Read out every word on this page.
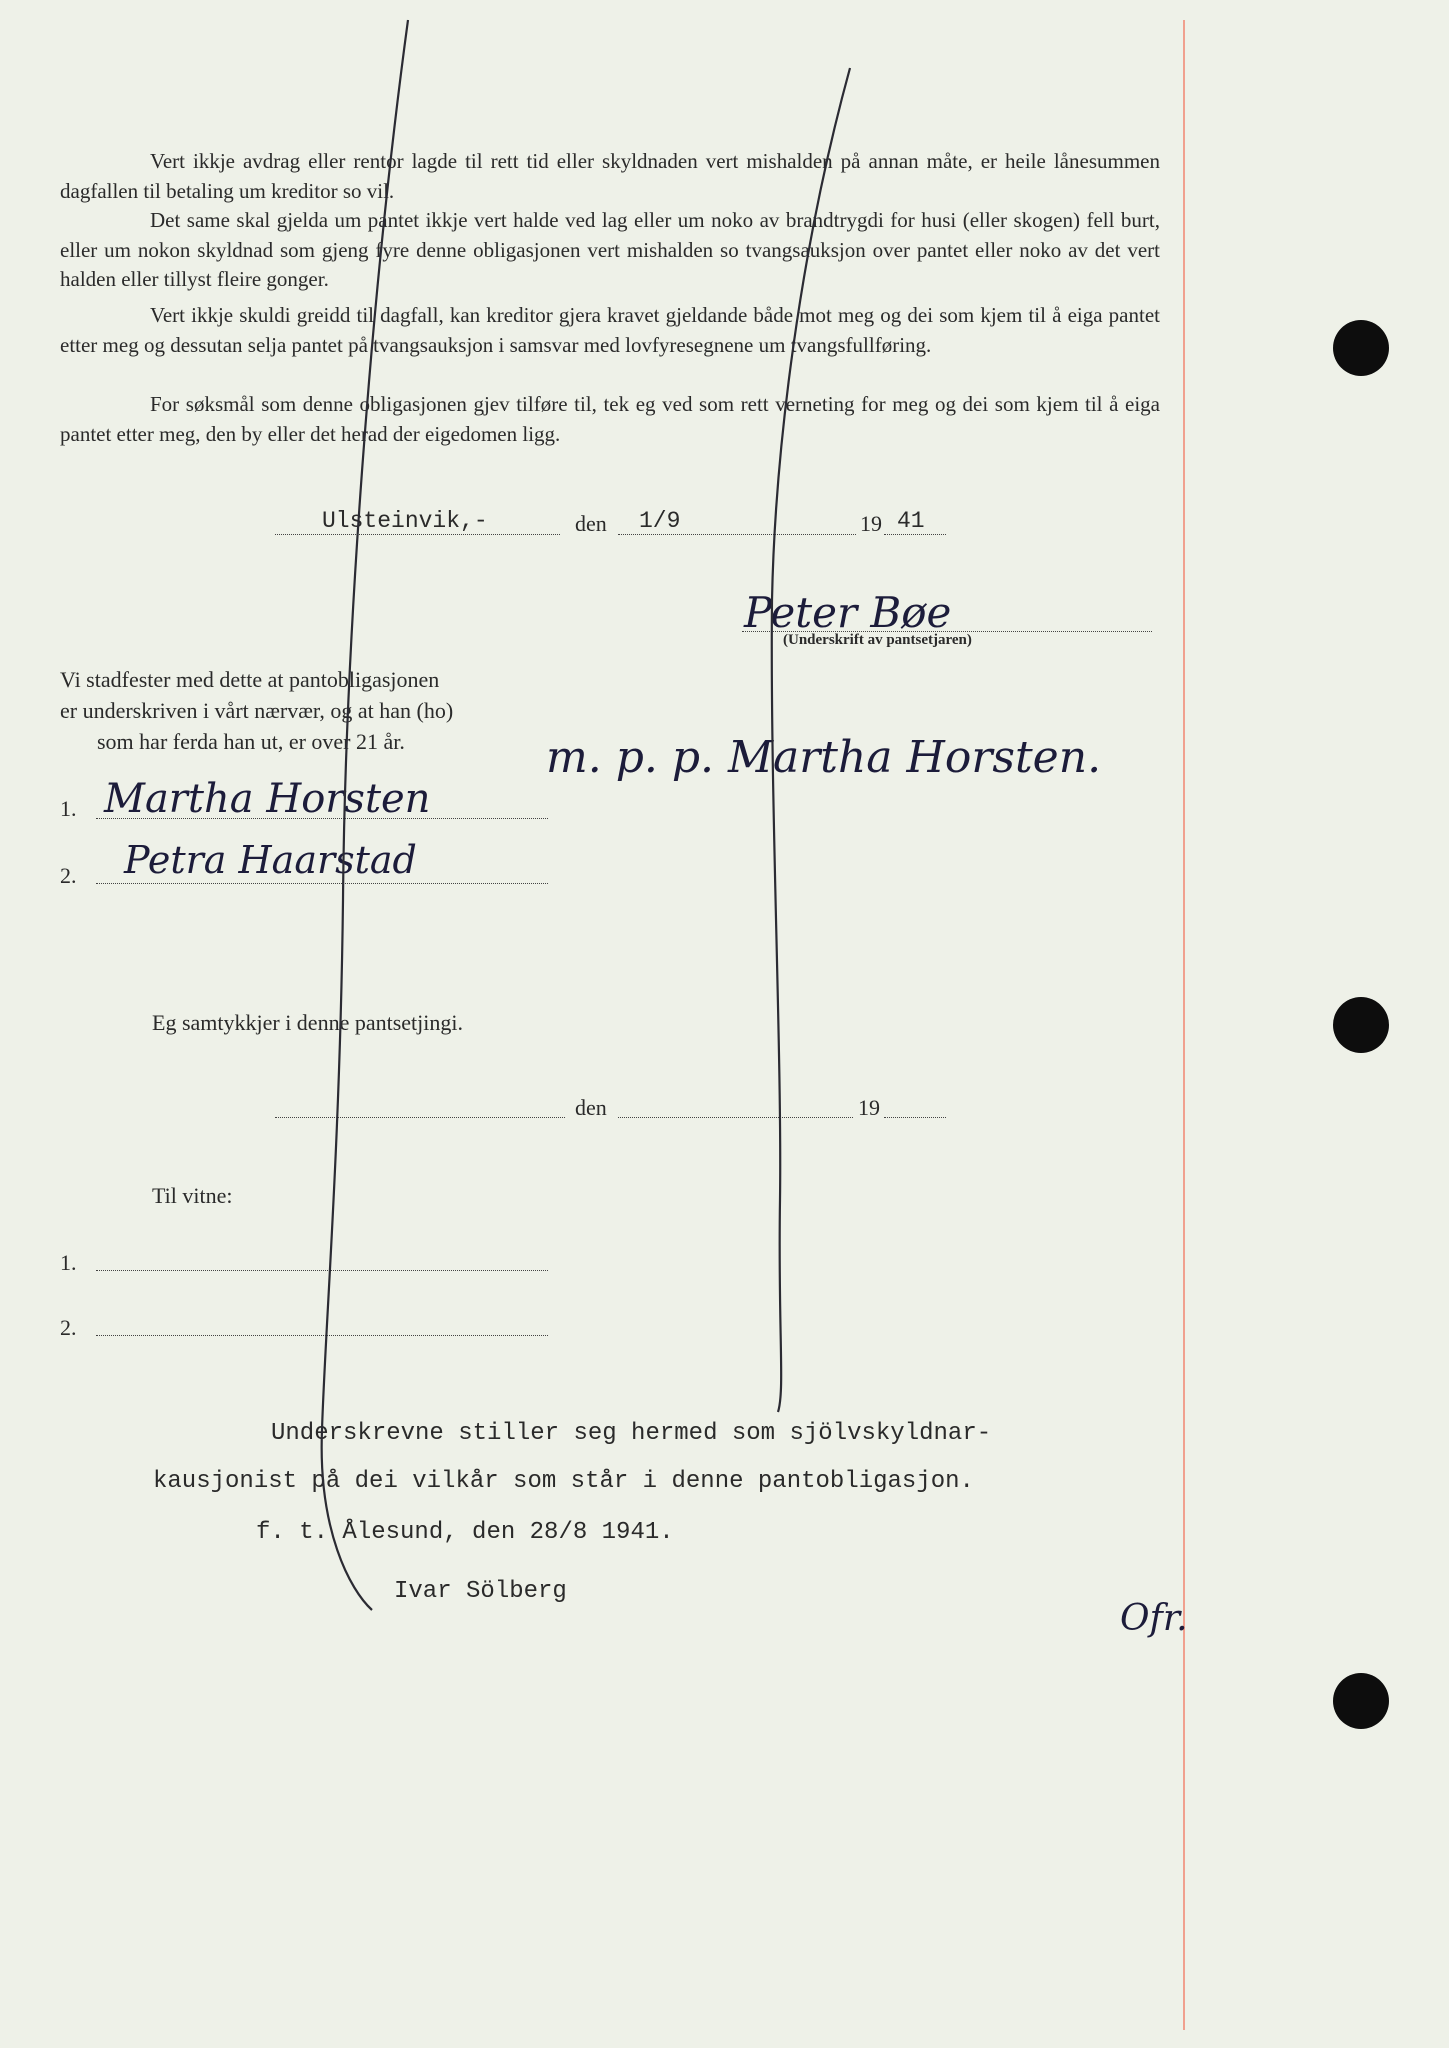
Vert ikkje avdrag eller rentor lagde til rett tid eller skyldnaden vert mishalden på annan måte, er heile lånesummen dagfallen til betaling um kreditor so vil.
Det same skal gjelda um pantet ikkje vert halde ved lag eller um noko av brandtrygdi for husi (eller skogen) fell burt, eller um nokon skyldnad som gjeng fyre denne obligasjonen vert mishalden so tvangsauksjon over pantet eller noko av det vert halden eller tillyst fleire gonger.
Vert ikkje skuldi greidd til dagfall, kan kreditor gjera kravet gjeldande både mot meg og dei som kjem til å eiga pantet etter meg og dessutan selja pantet på tvangsauksjon i samsvar med lovfyresegnene um tvangsfullføring.
For søksmål som denne obligasjonen gjev tilføre til, tek eg ved som rett verneting for meg og dei som kjem til å eiga pantet etter meg, den by eller det herad der eigedomen ligg.
Ulsteinvik,-	den 1/9	19 41
Peter Bøe
(Underskrift av pantsetjaren)
Vi stadfester med dette at pantobligasjonen
er underskriven i vårt nærvær, og at han (ho)
som har ferda han ut, er over 21 år.	m. p. p. Martha Horsten.
1. Martha Horsten
2. Petra Haarstad
Eg samtykkjer i denne pantsetjingi.
den	19
Til vitne:
1.
2.
Underskrevne stiller seg hermed som sjölvskyldnar-
kausjonist på dei vilkår som står i denne pantobligasjon.
f. t. Ålesund, den 28/8 1941.
Ivar Sölberg
Ofr.
